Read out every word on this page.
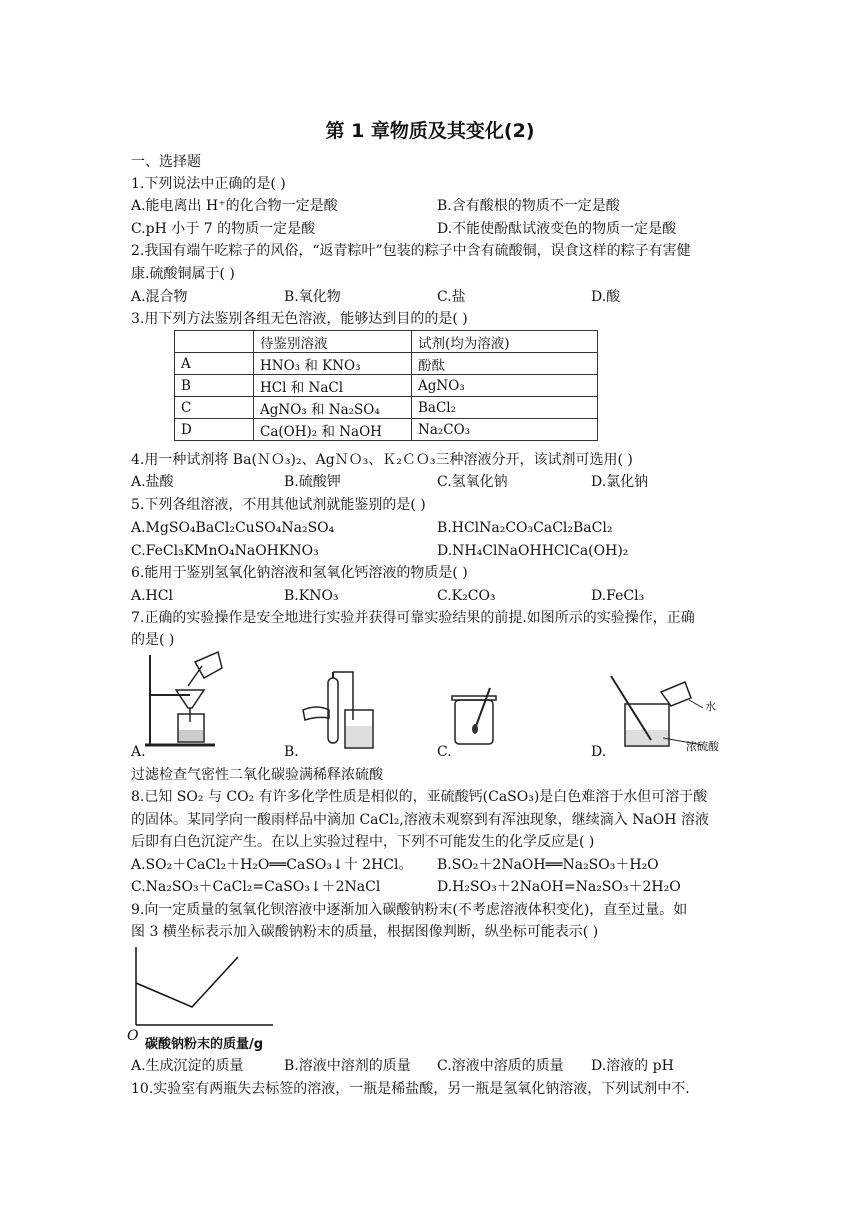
第 1 章物质及其变化(2)
一、选择题
1.下列说法中正确的是( )
A.能电离出 H⁺的化合物一定是酸	B.含有酸根的物质不一定是酸
C.pH 小于 7 的物质一定是酸	D.不能使酚酞试液变色的物质一定是酸
2.我国有端午吃粽子的风俗，“返青粽叶”包装的粽子中含有硫酸铜，误食这样的粽子有害健
康.硫酸铜属于( )
A.混合物	B.氧化物	C.盐	D.酸
3.用下列方法鉴别各组无色溶液，能够达到目的的是( )
	待鉴别溶液	试剂(均为溶液)
A	HNO₃ 和 KNO₃	酚酞
B	HCl 和 NaCl	AgNO₃
C	AgNO₃ 和 Na₂SO₄	BaCl₂
D	Ca(OH)₂ 和 NaOH	Na₂CO₃
4.用一种试剂将 Ba(ＮＯ₃)₂、AgＮＯ₃、Ｋ₂ＣＯ₃三种溶液分开，该试剂可选用( )
A.盐酸	B.硫酸钾	C.氢氧化钠	D.氯化钠
5.下列各组溶液，不用其他试剂就能鉴别的是( )
A.MgSO₄BaCl₂CuSO₄Na₂SO₄	B.HClNa₂CO₃CaCl₂BaCl₂
C.FeCl₃KMnO₄NaOHKNO₃	D.NH₄ClNaOHHClCa(OH)₂
6.能用于鉴别氢氧化钠溶液和氢氧化钙溶液的物质是( )
A.HCl	B.KNO₃	C.K₂CO₃	D.FeCl₃
7.正确的实验操作是安全地进行实验并获得可靠实验结果的前提.如图所示的实验操作，正确
的是( )
A.	B.	C.
水
浓硫酸
D.
过滤检查气密性二氧化碳验满稀释浓硫酸
8.已知 SO₂ 与 CO₂ 有许多化学性质是相似的，亚硫酸钙(CaSO₃)是白色难溶于水但可溶于酸
的固体。某同学向一酸雨样品中滴加 CaCl₂,溶液未观察到有浑浊现象，继续滴入 NaOH 溶液
后即有白色沉淀产生。在以上实验过程中，下列不可能发生的化学反应是( )
A.SO₂＋CaCl₂＋H₂O══CaSO₃↓十 2HCl。 B.SO₂＋2NaOH══Na₂SO₃＋H₂O
C.Na₂SO₃＋CaCl₂=CaSO₃↓＋2NaCl	D.H₂SO₃＋2NaOH=Na₂SO₃＋2H₂O
9.向一定质量的氢氧化钡溶液中逐渐加入碳酸钠粉末(不考虑溶液体积变化)，直至过量。如
图 3 横坐标表示加入碳酸钠粉末的质量，根据图像判断，纵坐标可能表示( )
O
碳酸钠粉末的质量/g
A.生成沉淀的质量	B.溶液中溶剂的质量 C.溶液中溶质的质量 D.溶液的 pH
10.实验室有两瓶失去标签的溶液，一瓶是稀盐酸，另一瓶是氢氧化钠溶液，下列试剂中不.
